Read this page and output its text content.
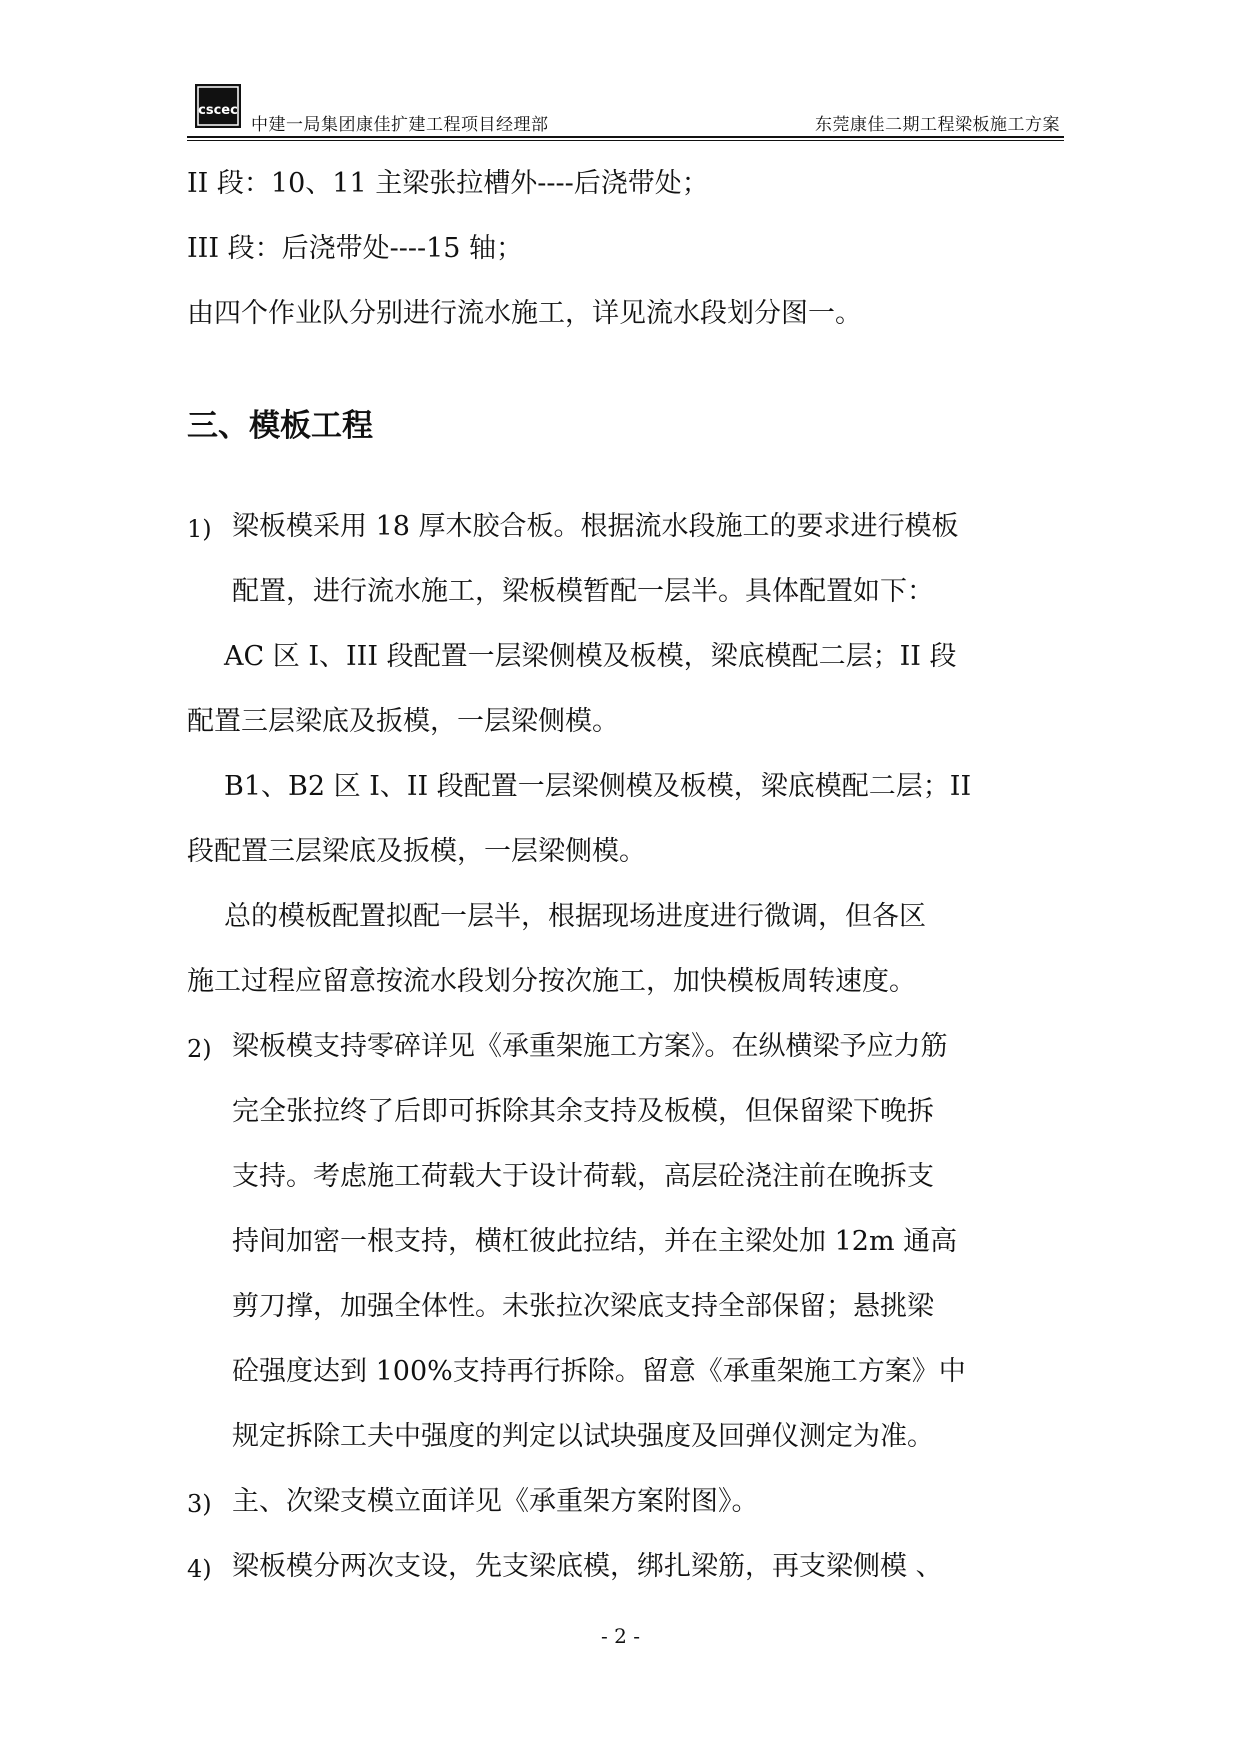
cscec
中建一局集团康佳扩建工程项目经理部	东莞康佳二期工程梁板施工方案
II 段：10、11 主梁张拉槽外----后浇带处；
III 段：后浇带处----15 轴；
由四个作业队分别进行流水施工，详见流水段划分图一。
三、模板工程
1) 梁板模采用 18 厚木胶合板。根据流水段施工的要求进行模板
配置，进行流水施工，梁板模暂配一层半。具体配置如下：
AC 区 I、III 段配置一层梁侧模及板模，梁底模配二层；II 段
配置三层梁底及扳模，一层梁侧模。
B1、B2 区 I、II 段配置一层梁侧模及板模，梁底模配二层；II
段配置三层梁底及扳模，一层梁侧模。
总的模板配置拟配一层半，根据现场进度进行微调，但各区
施工过程应留意按流水段划分按次施工，加快模板周转速度。
2) 梁板模支持零碎详见《承重架施工方案》。在纵横梁予应力筋
完全张拉终了后即可拆除其余支持及板模，但保留梁下晚拆
支持。考虑施工荷载大于设计荷载，高层砼浇注前在晚拆支
持间加密一根支持，横杠彼此拉结，并在主梁处加 12m 通高
剪刀撑，加强全体性。未张拉次梁底支持全部保留；悬挑梁
砼强度达到 100%支持再行拆除。留意《承重架施工方案》中
规定拆除工夫中强度的判定以试块强度及回弹仪测定为准。
3) 主、次梁支模立面详见《承重架方案附图》。
4) 梁板模分两次支设，先支梁底模，绑扎梁筋，再支梁侧模 、
- 2 -
